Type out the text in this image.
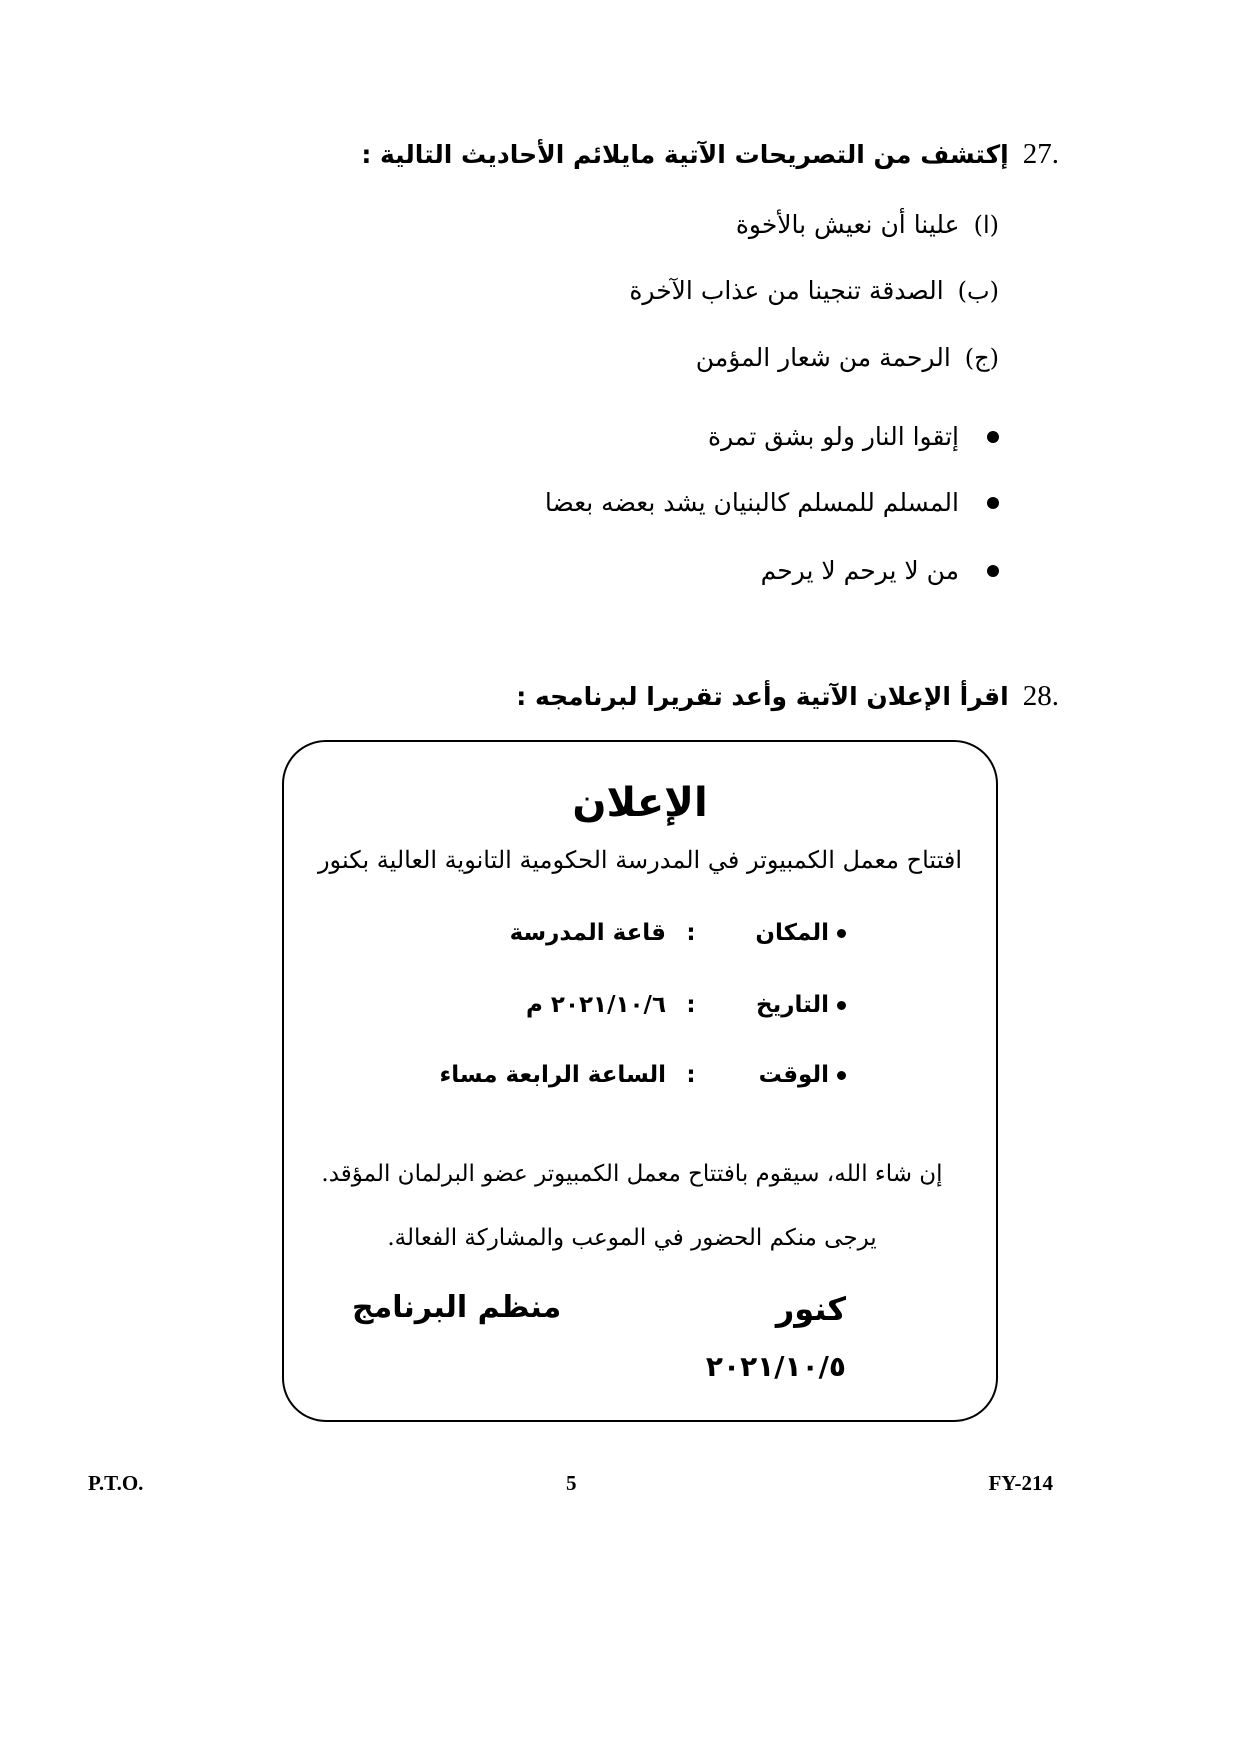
إكتشف من التصريحات الآتية مايلائم الأحاديث التالية : 27.
(ا)
علينا أن نعيش بالأخوة
(ب)
الصدقة تنجينا من عذاب الآخرة
(ج)
الرحمة من شعار المؤمن
إتقوا النار ولو بشق تمرة
المسلم للمسلم كالبنيان يشد بعضه بعضا
من لا يرحم لا يرحم
اقرأ الإعلان الآتية وأعد تقريرا لبرنامجه : 28.
الإعلان
افتتاح معمل الكمبيوتر في المدرسة الحكومية التانوية العالية بكنور
المكان
:
قاعة المدرسة
التاريخ
:
٢٠٢١/١٠/٦ م
الوقت
:
الساعة الرابعة مساء
إن شاء الله، سيقوم بافتتاح معمل الكمبيوتر عضو البرلمان المؤقد. يرجى منكم الحضور في الموعب والمشاركة الفعالة.
كنور
منظم البرنامج
٢٠٢١/١٠/٥
P.T.O.	5	FY-214
